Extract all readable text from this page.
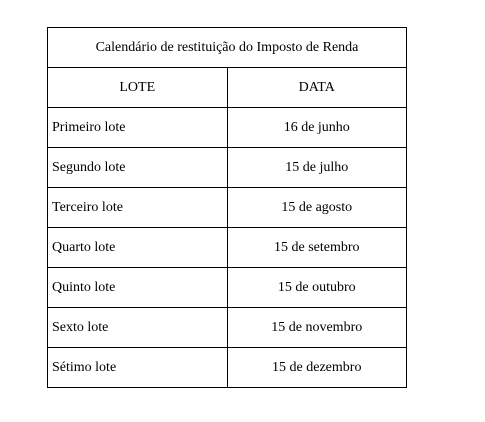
Calendário de restituição do Imposto de Renda	
LOTE	DATA
Primeiro lote	16 de junho
Segundo lote	15 de julho
Terceiro lote	15 de agosto
Quarto lote	15 de setembro
Quinto lote	15 de outubro
Sexto lote	15 de novembro
Sétimo lote	15 de dezembro
